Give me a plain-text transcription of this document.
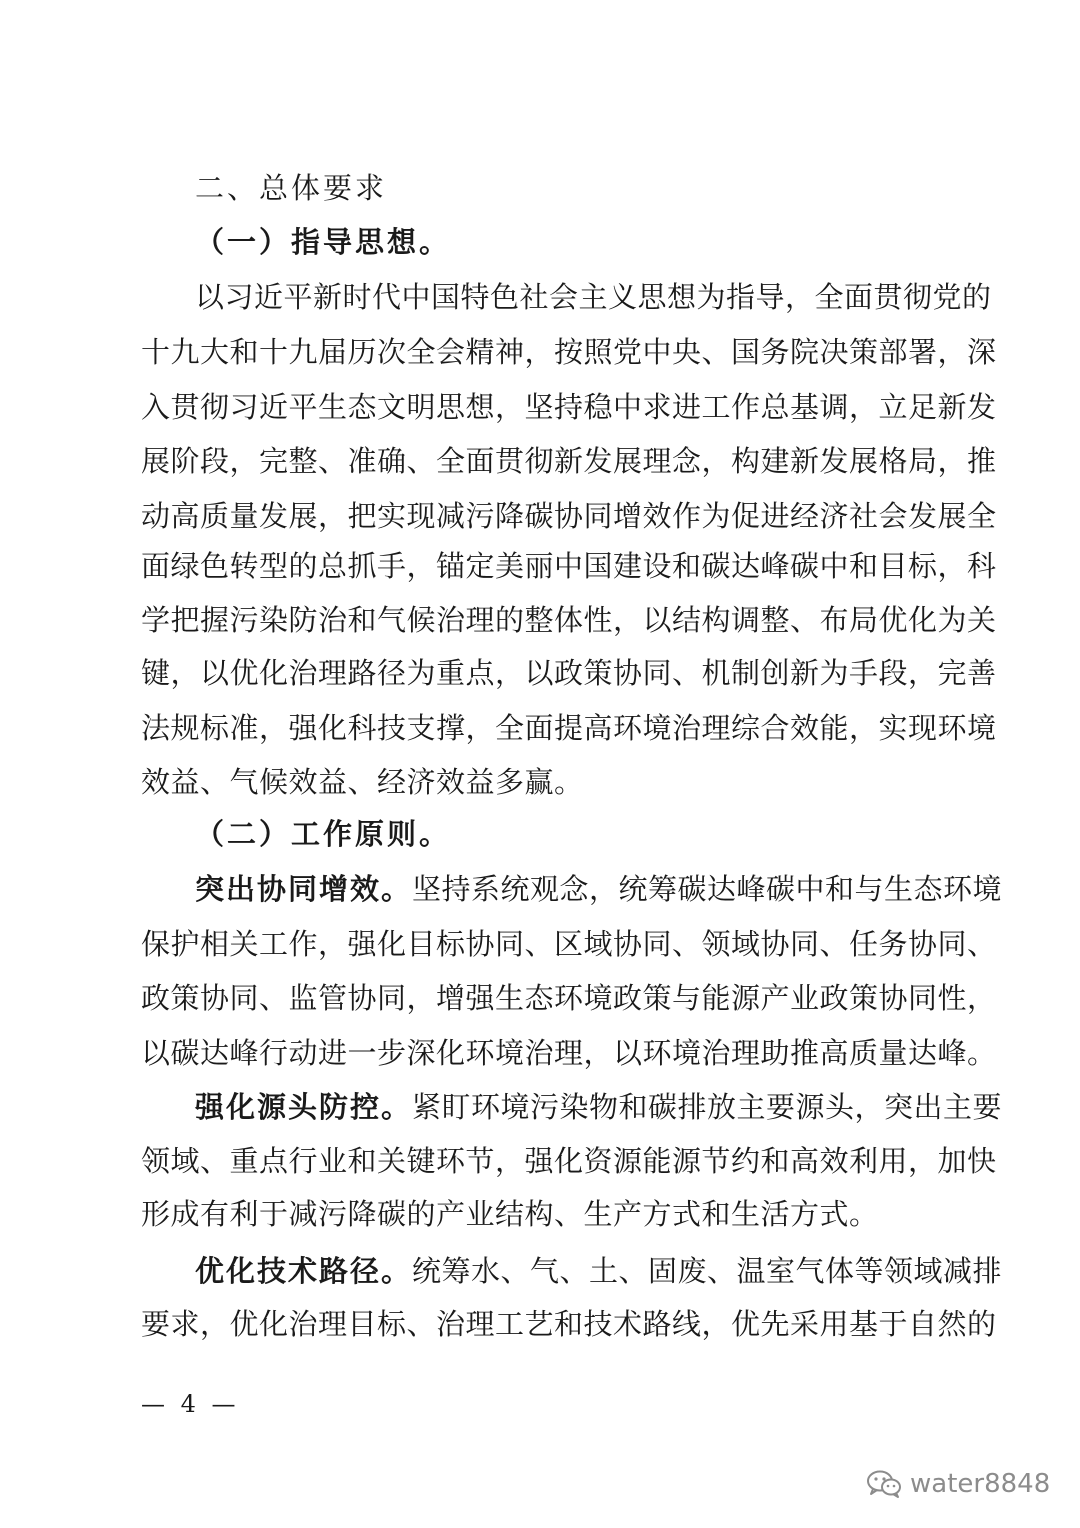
二、总体要求
（一）指导思想。
以习近平新时代中国特色社会主义思想为指导，全面贯彻党的
十九大和十九届历次全会精神，按照党中央、国务院决策部署，深
入贯彻习近平生态文明思想，坚持稳中求进工作总基调，立足新发
展阶段，完整、准确、全面贯彻新发展理念，构建新发展格局，推
动高质量发展，把实现减污降碳协同增效作为促进经济社会发展全
面绿色转型的总抓手，锚定美丽中国建设和碳达峰碳中和目标，科
学把握污染防治和气候治理的整体性，以结构调整、布局优化为关
键，以优化治理路径为重点，以政策协同、机制创新为手段，完善
法规标准，强化科技支撑，全面提高环境治理综合效能，实现环境
效益、气候效益、经济效益多赢。
（二）工作原则。
突出协同增效。坚持系统观念，统筹碳达峰碳中和与生态环境
保护相关工作，强化目标协同、区域协同、领域协同、任务协同、
政策协同、监管协同，增强生态环境政策与能源产业政策协同性，
以碳达峰行动进一步深化环境治理，以环境治理助推高质量达峰。
强化源头防控。紧盯环境污染物和碳排放主要源头，突出主要
领域、重点行业和关键环节，强化资源能源节约和高效利用，加快
形成有利于减污降碳的产业结构、生产方式和生活方式。
优化技术路径。统筹水、气、土、固废、温室气体等领域减排
要求，优化治理目标、治理工艺和技术路线，优先采用基于自然的
— 4 —
water8848
